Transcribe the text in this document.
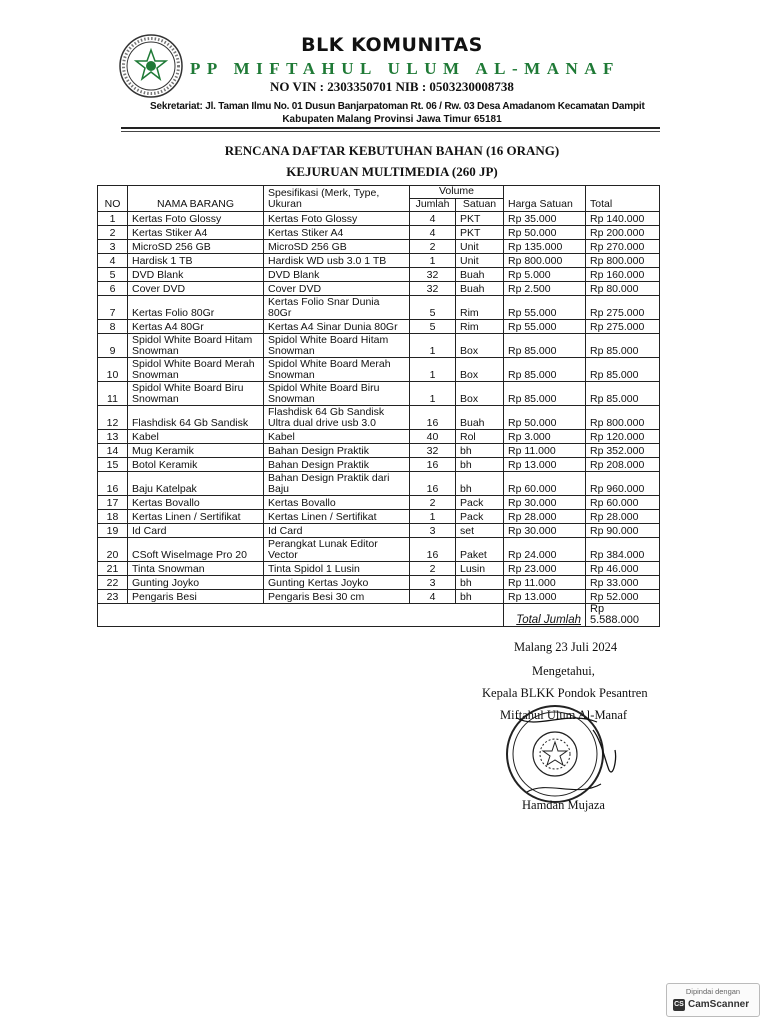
BLK KOMUNITAS
PP MIFTAHUL ULUM AL-MANAF
NO VIN : 2303350701 NIB : 0503230008738
Sekretariat: Jl. Taman Ilmu No. 01 Dusun Banjarpatoman Rt. 06 / Rw. 03 Desa Amadanom Kecamatan Dampit
Kabupaten Malang Provinsi Jawa Timur 65181
RENCANA DAFTAR KEBUTUHAN BAHAN (16 ORANG)
KEJURUAN MULTIMEDIA (260 JP)
NO	NAMA BARANG	Spesifikasi (Merk, Type, Ukuran	Volume		Harga Satuan	Total
			Jumlah	Satuan		
1	Kertas Foto Glossy	Kertas Foto Glossy	4	PKT	Rp 35.000	Rp 140.000
2	Kertas Stiker A4	Kertas Stiker A4	4	PKT	Rp 50.000	Rp 200.000
3	MicroSD 256 GB	MicroSD 256 GB	2	Unit	Rp 135.000	Rp 270.000
4	Hardisk 1 TB	Hardisk WD usb 3.0 1 TB	1	Unit	Rp 800.000	Rp 800.000
5	DVD Blank	DVD Blank	32	Buah	Rp 5.000	Rp 160.000
6	Cover DVD	Cover DVD	32	Buah	Rp 2.500	Rp 80.000
7	Kertas Folio 80Gr	Kertas Folio Snar Dunia 80Gr	5	Rim	Rp 55.000	Rp 275.000
8	Kertas A4 80Gr	Kertas A4 Sinar Dunia 80Gr	5	Rim	Rp 55.000	Rp 275.000
9	Spidol White Board Hitam Snowman	Spidol White Board Hitam Snowman	1	Box	Rp 85.000	Rp 85.000
10	Spidol White Board Merah Snowman	Spidol White Board Merah Snowman	1	Box	Rp 85.000	Rp 85.000
11	Spidol White Board Biru Snowman	Spidol White Board Biru Snowman	1	Box	Rp 85.000	Rp 85.000
12	Flashdisk 64 Gb Sandisk	Flashdisk 64 Gb Sandisk Ultra dual drive usb 3.0	16	Buah	Rp 50.000	Rp 800.000
13	Kabel	Kabel	40	Rol	Rp 3.000	Rp 120.000
14	Mug Keramik	Bahan Design Praktik	32	bh	Rp 11.000	Rp 352.000
15	Botol Keramik	Bahan Design Praktik	16	bh	Rp 13.000	Rp 208.000
16	Baju Katelpak	Bahan Design Praktik dari Baju	16	bh	Rp 60.000	Rp 960.000
17	Kertas Bovallo	Kertas Bovallo	2	Pack	Rp 30.000	Rp 60.000
18	Kertas Linen / Sertifikat	Kertas Linen / Sertifikat	1	Pack	Rp 28.000	Rp 28.000
19	Id Card	Id Card	3	set	Rp 30.000	Rp 90.000
20	CSoft Wiselmage Pro 20	Perangkat Lunak Editor Vector	16	Paket	Rp 24.000	Rp 384.000
21	Tinta Snowman	Tinta Spidol 1 Lusin	2	Lusin	Rp 23.000	Rp 46.000
22	Gunting Joyko	Gunting Kertas Joyko	3	bh	Rp 11.000	Rp 33.000
23	Pengaris Besi	Pengaris Besi 30 cm	4	bh	Rp 13.000	Rp 52.000
					Total Jumlah	Rp 5.588.000
Malang 23 Juli 2024
Mengetahui,
Kepala BLKK Pondok Pesantren
Miftahul Ulum Al-Manaf
Hamdan Mujaza
Dipindai dengan
CS CamScanner
